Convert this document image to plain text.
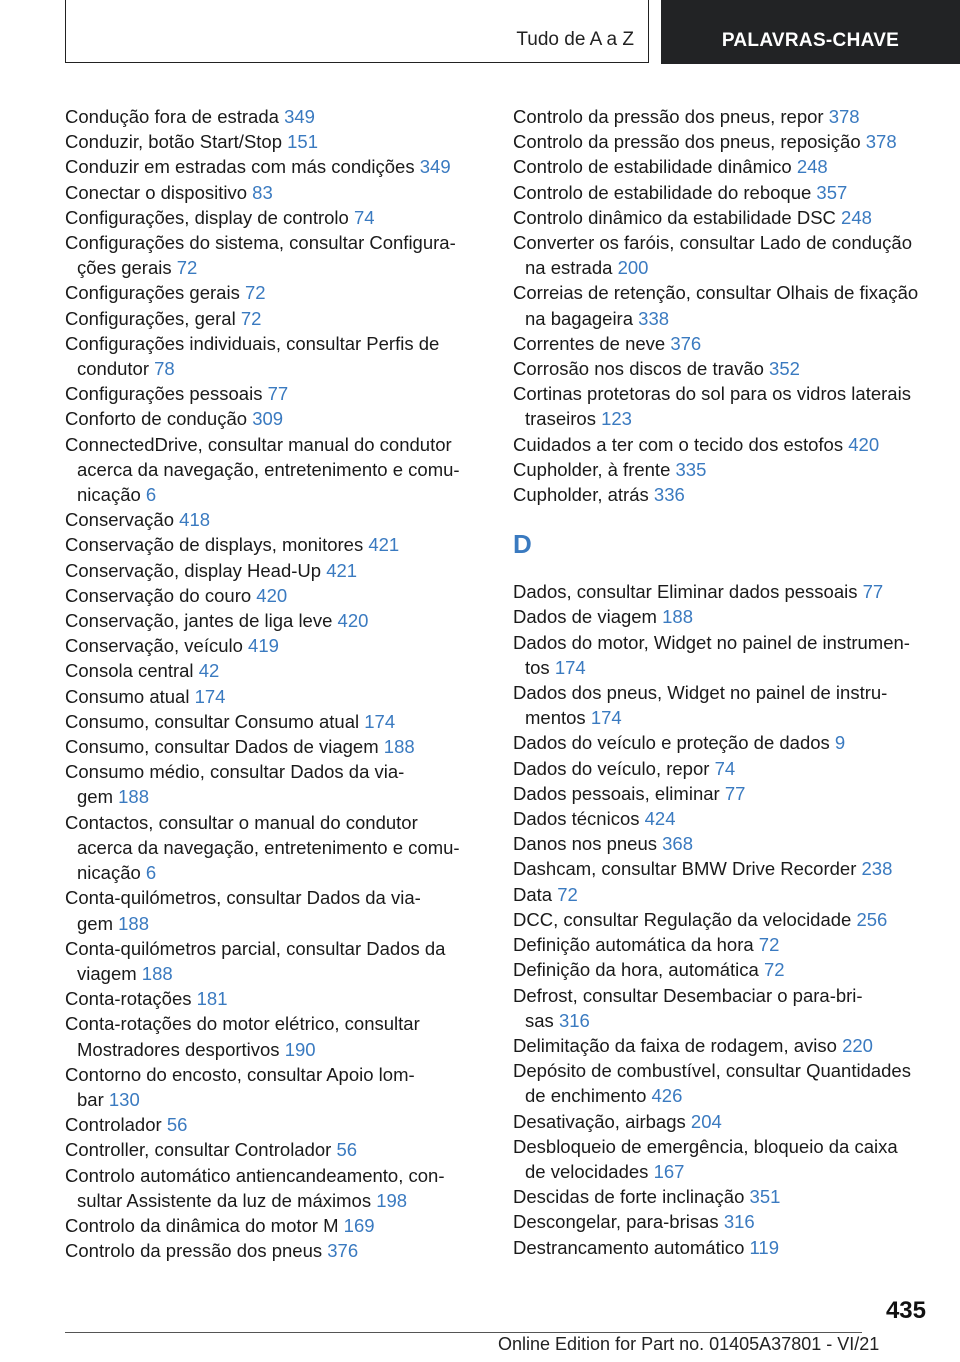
Tudo de A a Z	PALAVRAS-CHAVE
Condução fora de estrada 349
Conduzir, botão Start/Stop 151
Conduzir em estradas com más condições 349
Conectar o dispositivo 83
Configurações, display de controlo 74
Configurações do sistema, consultar Configura-
ções gerais 72
Configurações gerais 72
Configurações, geral 72
Configurações individuais, consultar Perfis de
condutor 78
Configurações pessoais 77
Conforto de condução 309
ConnectedDrive, consultar manual do condutor
acerca da navegação, entretenimento e comu-
nicação 6
Conservação 418
Conservação de displays, monitores 421
Conservação, display Head-Up 421
Conservação do couro 420
Conservação, jantes de liga leve 420
Conservação, veículo 419
Consola central 42
Consumo atual 174
Consumo, consultar Consumo atual 174
Consumo, consultar Dados de viagem 188
Consumo médio, consultar Dados da via-
gem 188
Contactos, consultar o manual do condutor
acerca da navegação, entretenimento e comu-
nicação 6
Conta-quilómetros, consultar Dados da via-
gem 188
Conta-quilómetros parcial, consultar Dados da
viagem 188
Conta-rotações 181
Conta-rotações do motor elétrico, consultar
Mostradores desportivos 190
Contorno do encosto, consultar Apoio lom-
bar 130
Controlador 56
Controller, consultar Controlador 56
Controlo automático antiencandeamento, con-
sultar Assistente da luz de máximos 198
Controlo da dinâmica do motor M 169
Controlo da pressão dos pneus 376
Controlo da pressão dos pneus, repor 378
Controlo da pressão dos pneus, reposição 378
Controlo de estabilidade dinâmico 248
Controlo de estabilidade do reboque 357
Controlo dinâmico da estabilidade DSC 248
Converter os faróis, consultar Lado de condução
na estrada 200
Correias de retenção, consultar Olhais de fixação
na bagageira 338
Correntes de neve 376
Corrosão nos discos de travão 352
Cortinas protetoras do sol para os vidros laterais
traseiros 123
Cuidados a ter com o tecido dos estofos 420
Cupholder, à frente 335
Cupholder, atrás 336
D
Dados, consultar Eliminar dados pessoais 77
Dados de viagem 188
Dados do motor, Widget no painel de instrumen-
tos 174
Dados dos pneus, Widget no painel de instru-
mentos 174
Dados do veículo e proteção de dados 9
Dados do veículo, repor 74
Dados pessoais, eliminar 77
Dados técnicos 424
Danos nos pneus 368
Dashcam, consultar BMW Drive Recorder 238
Data 72
DCC, consultar Regulação da velocidade 256
Definição automática da hora 72
Definição da hora, automática 72
Defrost, consultar Desembaciar o para-bri-
sas 316
Delimitação da faixa de rodagem, aviso 220
Depósito de combustível, consultar Quantidades
de enchimento 426
Desativação, airbags 204
Desbloqueio de emergência, bloqueio da caixa
de velocidades 167
Descidas de forte inclinação 351
Descongelar, para-brisas 316
Destrancamento automático 119
435
Online Edition for Part no. 01405A37801 - VI/21
